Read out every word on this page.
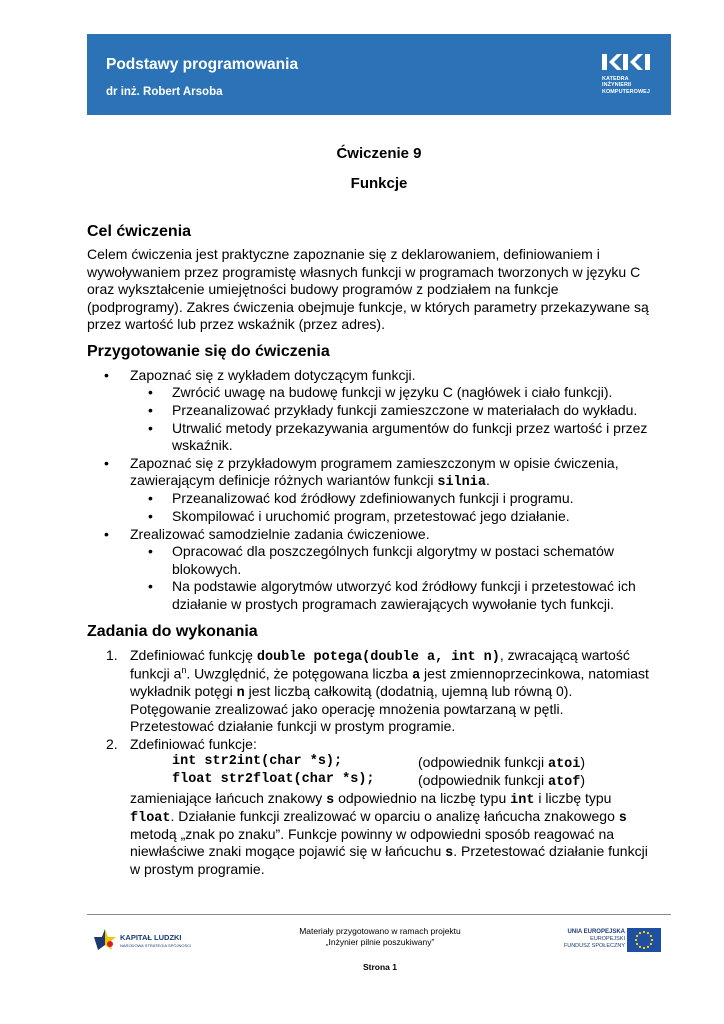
Podstawy programowania
dr inż. Robert Arsoba
KATEDRA
INŻYNIERII
KOMPUTEROWEJ
Ćwiczenie 9
Funkcje
Cel ćwiczenia
Celem ćwiczenia jest praktyczne zapoznanie się z deklarowaniem, definiowaniem i
wywoływaniem przez programistę własnych funkcji w programach tworzonych w języku C
oraz wykształcenie umiejętności budowy programów z podziałem na funkcje
(podprogramy). Zakres ćwiczenia obejmuje funkcje, w których parametry przekazywane są
przez wartość lub przez wskaźnik (przez adres).
Przygotowanie się do ćwiczenia
• Zapoznać się z wykładem dotyczącym funkcji.
• Zwrócić uwagę na budowę funkcji w języku C (nagłówek i ciało funkcji).
• Przeanalizować przykłady funkcji zamieszczone w materiałach do wykładu.
• Utrwalić metody przekazywania argumentów do funkcji przez wartość i przez
wskaźnik.
• Zapoznać się z przykładowym programem zamieszczonym w opisie ćwiczenia,
zawierającym definicje różnych wariantów funkcji silnia.
• Przeanalizować kod źródłowy zdefiniowanych funkcji i programu.
• Skompilować i uruchomić program, przetestować jego działanie.
• Zrealizować samodzielnie zadania ćwiczeniowe.
• Opracować dla poszczególnych funkcji algorytmy w postaci schematów
blokowych.
• Na podstawie algorytmów utworzyć kod źródłowy funkcji i przetestować ich
działanie w prostych programach zawierających wywołanie tych funkcji.
Zadania do wykonania
1. Zdefiniować funkcję double potega(double a, int n), zwracającą wartość
funkcji $a^n$. Uwzględnić, że potęgowana liczba a jest zmiennoprzecinkowa, natomiast
wykładnik potęgi n jest liczbą całkowitą (dodatnią, ujemną lub równą 0).
Potęgowanie zrealizować jako operację mnożenia powtarzaną w pętli.
Przetestować działanie funkcji w prostym programie.
2. Zdefiniować funkcje:
int str2int(char *s);	(odpowiednik funkcji atoi)
float str2float(char *s);	(odpowiednik funkcji atof)
zamieniające łańcuch znakowy s odpowiednio na liczbę typu int i liczbę typu
float. Działanie funkcji zrealizować w oparciu o analizę łańcucha znakowego s
metodą „znak po znaku”. Funkcje powinny w odpowiedni sposób reagować na
niewłaściwe znaki mogące pojawić się w łańcuchu s. Przetestować działanie funkcji
w prostym programie.
KAPITAŁ LUDZKI
NARODOWA STRATEGIA SPÓJNOŚCI
Materiały przygotowano w ramach projektu
„Inżynier pilnie poszukiwany”
Strona 1
UNIA EUROPEJSKA
EUROPEJSKI
FUNDUSZ SPOŁECZNY
